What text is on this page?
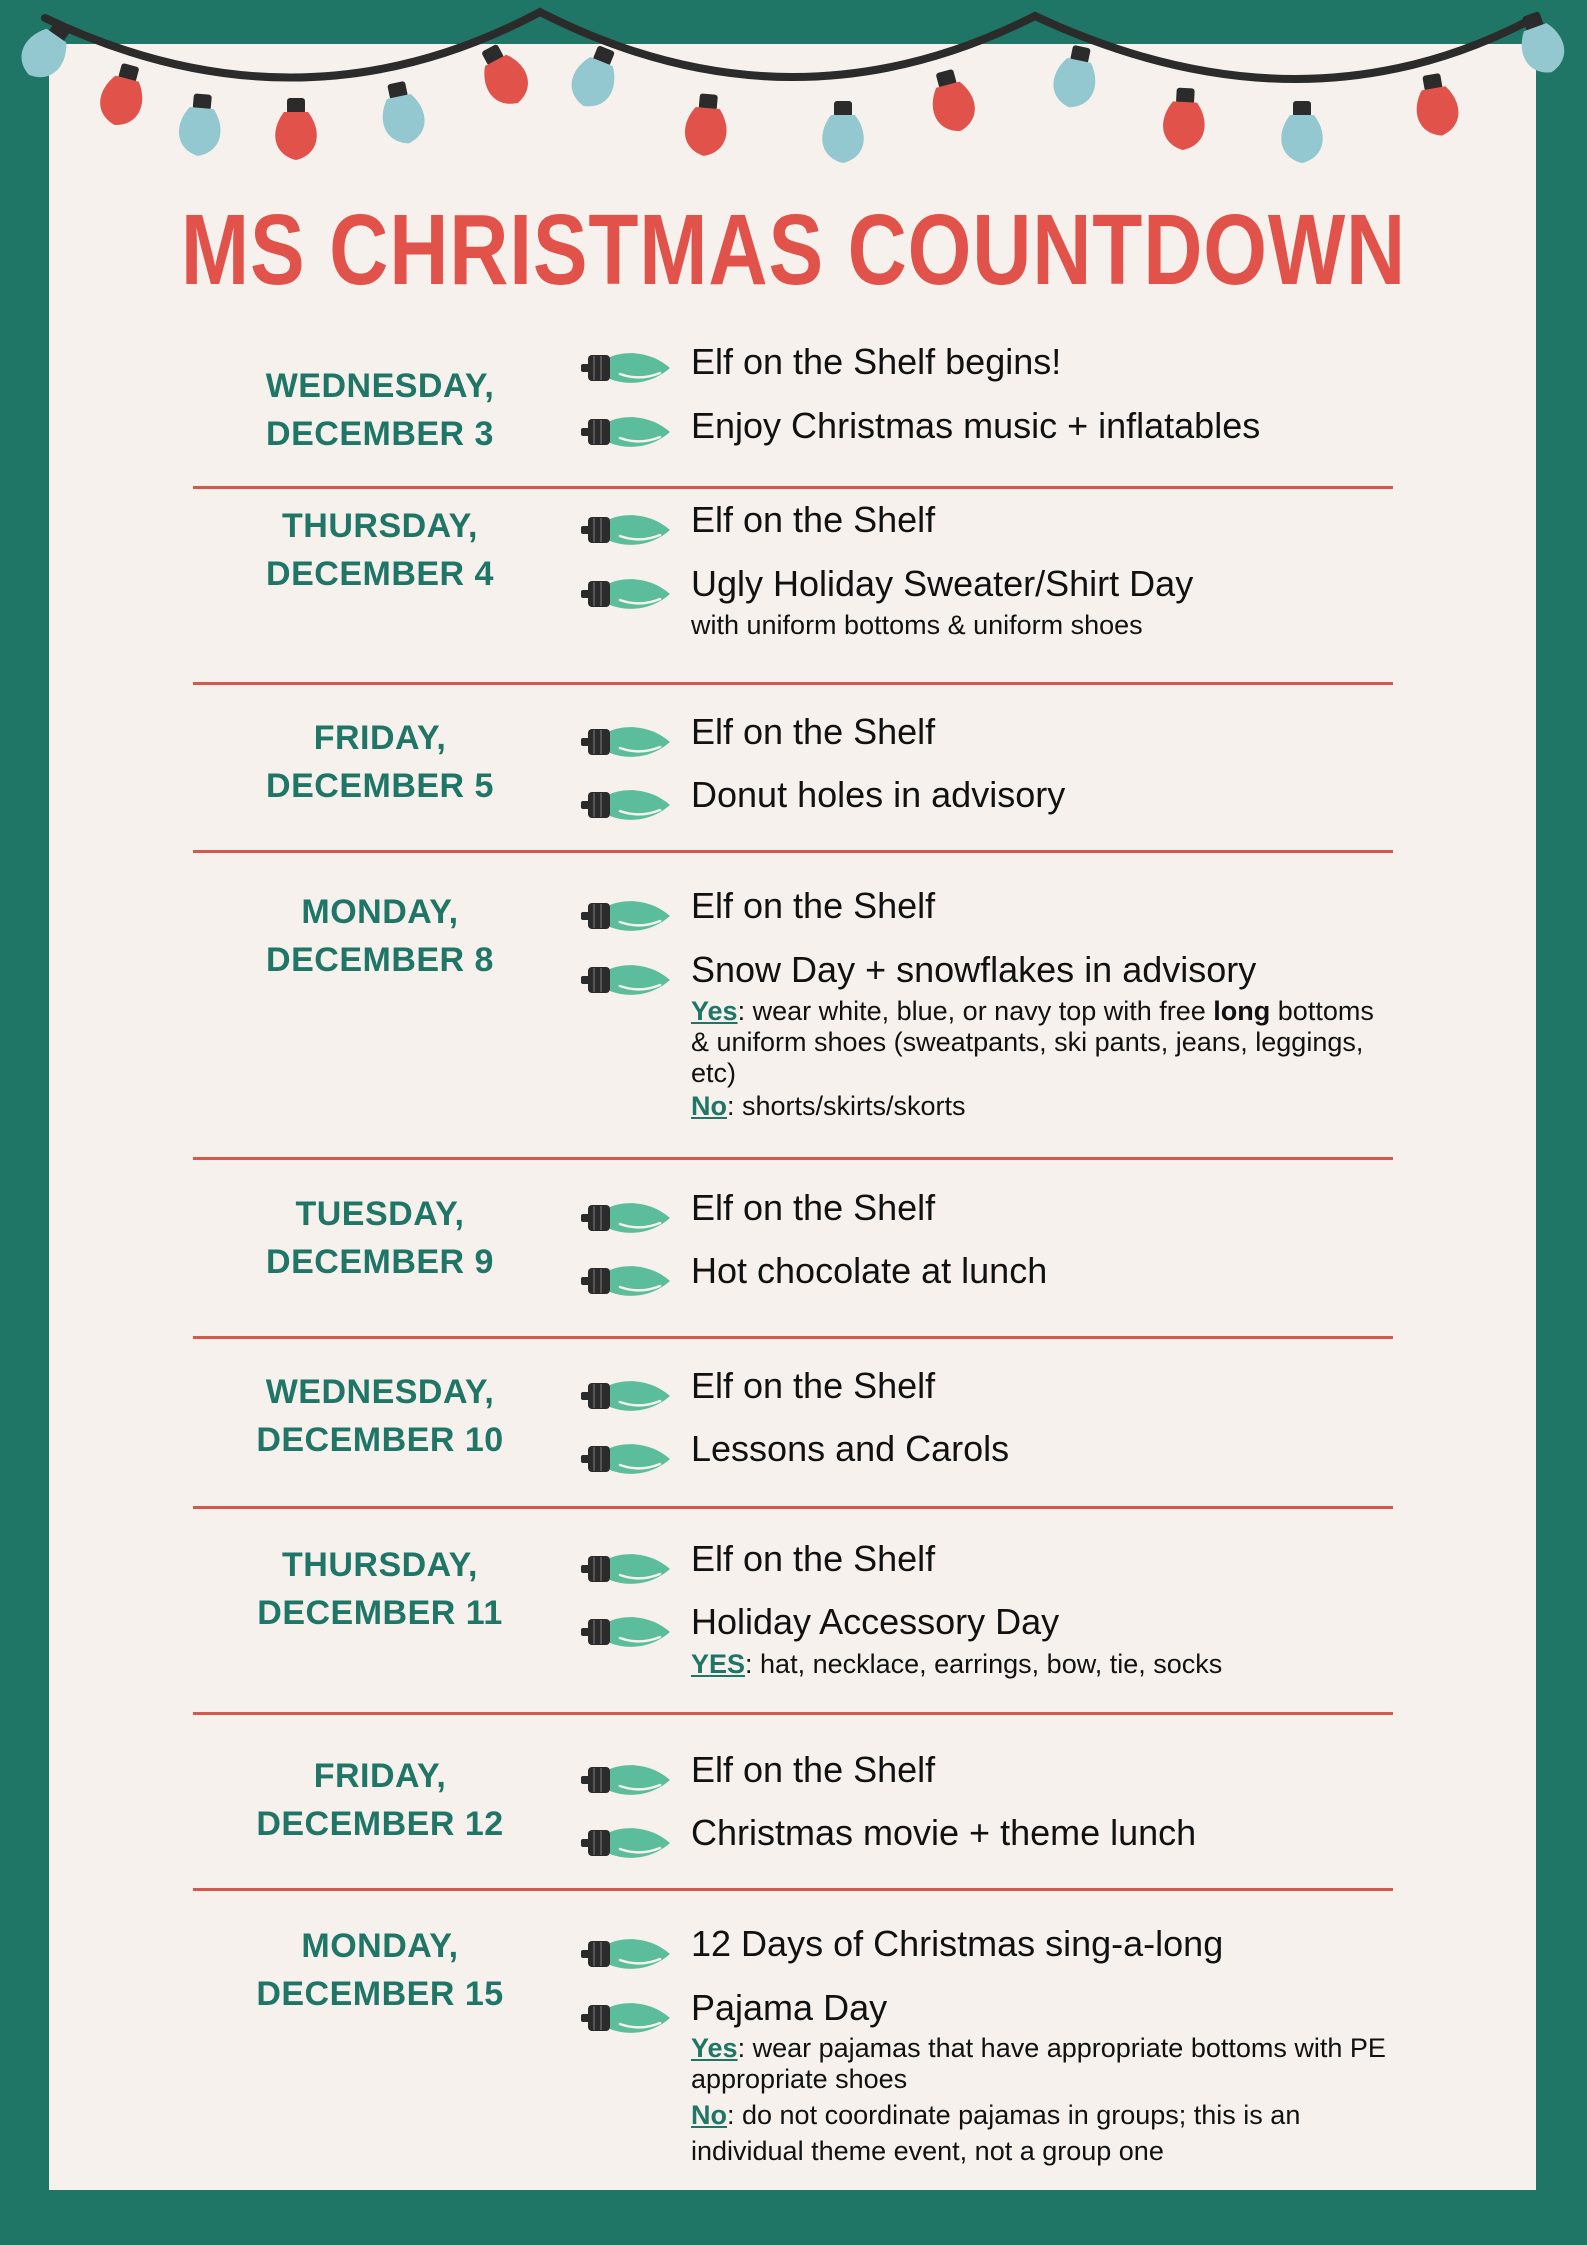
MS CHRISTMAS COUNTDOWN
WEDNESDAY,
DECEMBER 3
Elf on the Shelf begins!
Enjoy Christmas music + inflatables
THURSDAY,
DECEMBER 4
Elf on the Shelf
Ugly Holiday Sweater/Shirt Day
with uniform bottoms & uniform shoes
FRIDAY,
DECEMBER 5
Elf on the Shelf
Donut holes in advisory
MONDAY,
DECEMBER 8
Elf on the Shelf
Snow Day + snowflakes in advisory
Yes: wear white, blue, or navy top with free long bottoms & uniform shoes (sweatpants, ski pants, jeans, leggings, etc)
No: shorts/skirts/skorts
TUESDAY,
DECEMBER 9
Elf on the Shelf
Hot chocolate at lunch
WEDNESDAY,
DECEMBER 10
Elf on the Shelf
Lessons and Carols
THURSDAY,
DECEMBER 11
Elf on the Shelf
Holiday Accessory Day
YES: hat, necklace, earrings, bow, tie, socks
FRIDAY,
DECEMBER 12
Elf on the Shelf
Christmas movie + theme lunch
MONDAY,
DECEMBER 15
12 Days of Christmas sing-a-long
Pajama Day
Yes: wear pajamas that have appropriate bottoms with PE appropriate shoes
No: do not coordinate pajamas in groups; this is an individual theme event, not a group one
